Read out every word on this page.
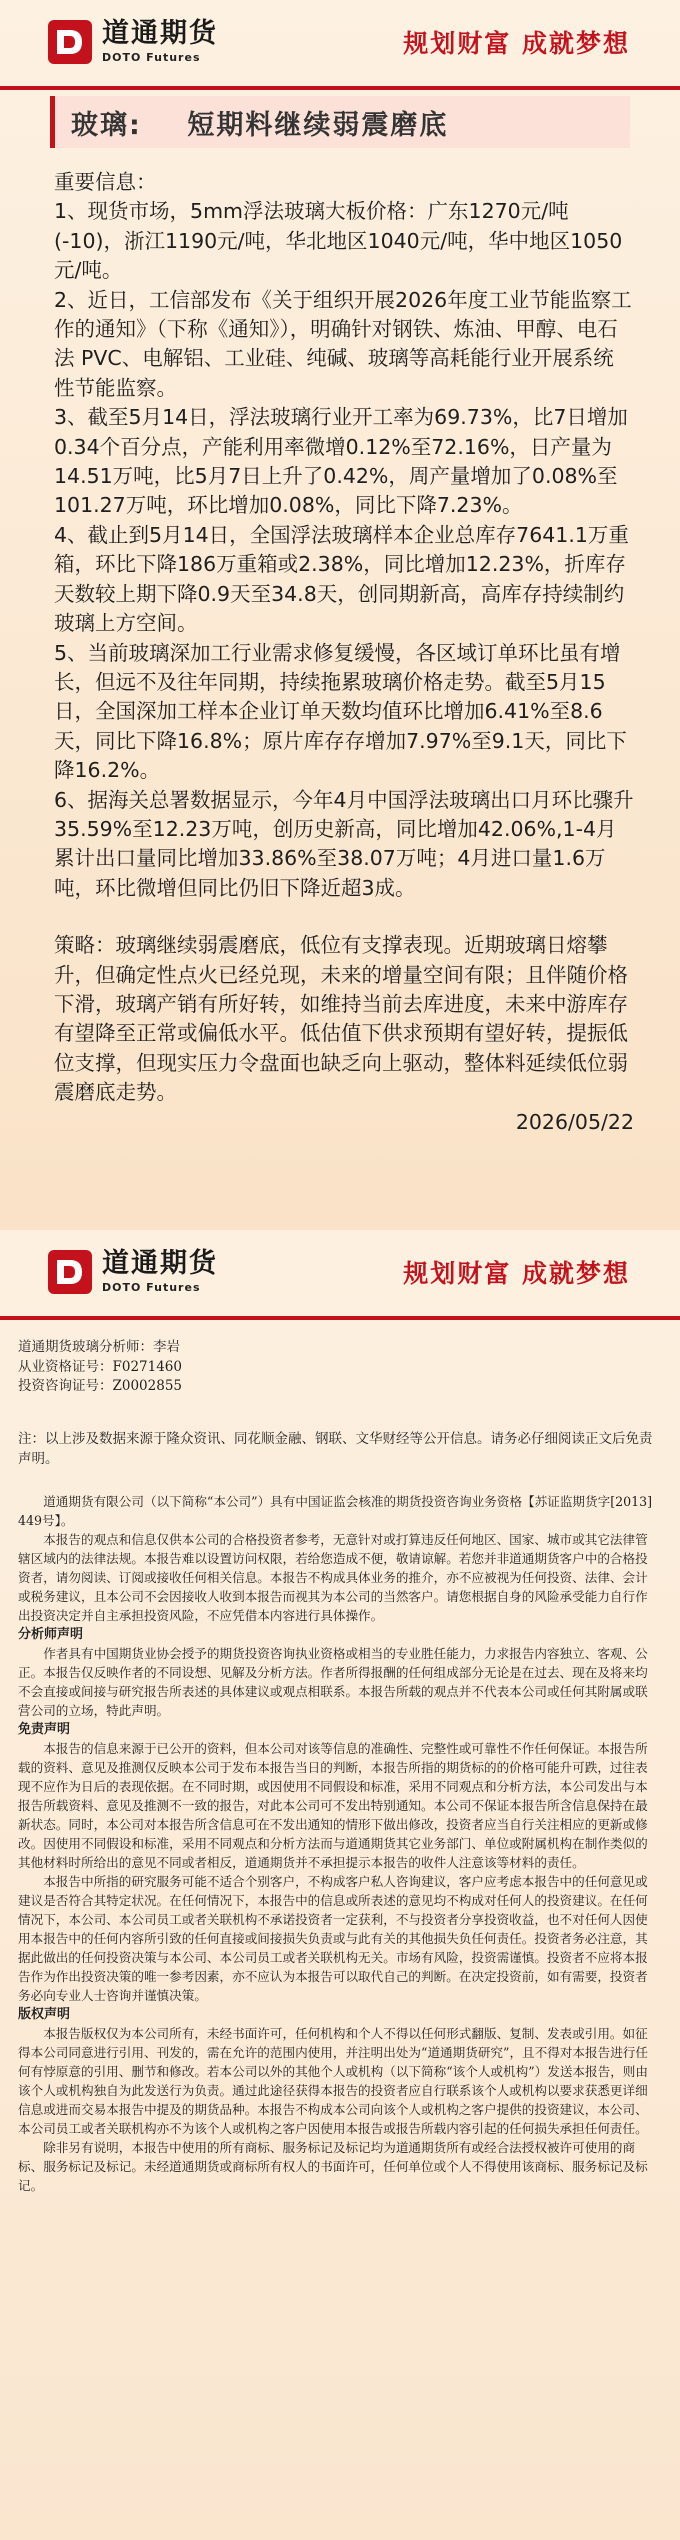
道通期货
DOTO Futures	规划财富 成就梦想
玻璃:    短期料继续弱震磨底

重要信息：

1、现货市场，5mm浮法玻璃大板价格：广东1270元/吨(-10)，浙江1190元/吨，华北地区1040元/吨，华中地区1050元/吨。

2、近日，工信部发布《关于组织开展2026年度工业节能监察工作的通知》（下称《通知》），明确针对钢铁、炼油、甲醇、电石法 PVC、电解铝、工业硅、纯碱、玻璃等高耗能行业开展系统性节能监察。

3、截至5月14日，浮法玻璃行业开工率为69.73%，比7日增加0.34个百分点，产能利用率微增0.12%至72.16%，日产量为14.51万吨，比5月7日上升了0.42%，周产量增加了0.08%至101.27万吨，环比增加0.08%，同比下降7.23%。

4、截止到5月14日，全国浮法玻璃样本企业总库存7641.1万重箱，环比下降186万重箱或2.38%，同比增加12.23%，折库存天数较上期下降0.9天至34.8天，创同期新高，高库存持续制约玻璃上方空间。

5、当前玻璃深加工行业需求修复缓慢，各区域订单环比虽有增长，但远不及往年同期，持续拖累玻璃价格走势。截至5月15日，全国深加工样本企业订单天数均值环比增加6.41%至8.6天，同比下降16.8%；原片库存存增加7.97%至9.1天，同比下降16.2%。

6、据海关总署数据显示，今年4月中国浮法玻璃出口月环比骤升35.59%至12.23万吨，创历史新高，同比增加42.06%,1-4月累计出口量同比增加33.86%至38.07万吨；4月进口量1.6万吨，环比微增但同比仍旧下降近超3成。

策略：玻璃继续弱震磨底，低位有支撑表现。近期玻璃日熔攀升，但确定性点火已经兑现，未来的增量空间有限；且伴随价格下滑，玻璃产销有所好转，如维持当前去库进度，未来中游库存有望降至正常或偏低水平。低估值下供求预期有望好转，提振低位支撑，但现实压力令盘面也缺乏向上驱动，整体料延续低位弱震磨底走势。

2026/05/22

道通期货
DOTO Futures	规划财富 成就梦想
道通期货玻璃分析师：李岩
从业资格证号：F0271460
投资咨询证号：Z0002855
注：以上涉及数据来源于隆众资讯、同花顺金融、钢联、文华财经等公开信息。请务必仔细阅读正文后免责声明。

道通期货有限公司（以下简称“本公司”）具有中国证监会核准的期货投资咨询业务资格【苏证监期货字[2013] 449号】。

本报告的观点和信息仅供本公司的合格投资者参考，无意针对或打算违反任何地区、国家、城市或其它法律管辖区域内的法律法规。本报告难以设置访问权限，若给您造成不便，敬请谅解。若您并非道通期货客户中的合格投资者，请勿阅读、订阅或接收任何相关信息。本报告不构成具体业务的推介，亦不应被视为任何投资、法律、会计或税务建议，且本公司不会因接收人收到本报告而视其为本公司的当然客户。请您根据自身的风险承受能力自行作出投资决定并自主承担投资风险，不应凭借本内容进行具体操作。

分析师声明

作者具有中国期货业协会授予的期货投资咨询执业资格或相当的专业胜任能力，力求报告内容独立、客观、公正。本报告仅反映作者的不同设想、见解及分析方法。作者所得报酬的任何组成部分无论是在过去、现在及将来均不会直接或间接与研究报告所表述的具体建议或观点相联系。本报告所载的观点并不代表本公司或任何其附属或联营公司的立场，特此声明。

免责声明

本报告的信息来源于已公开的资料，但本公司对该等信息的准确性、完整性或可靠性不作任何保证。本报告所载的资料、意见及推测仅反映本公司于发布本报告当日的判断，本报告所指的期货标的的价格可能升可跌，过往表现不应作为日后的表现依据。在不同时期，或因使用不同假设和标准，采用不同观点和分析方法，本公司发出与本报告所载资料、意见及推测不一致的报告，对此本公司可不发出特别通知。本公司不保证本报告所含信息保持在最新状态。同时，本公司对本报告所含信息可在不发出通知的情形下做出修改，投资者应当自行关注相应的更新或修改。因使用不同假设和标准，采用不同观点和分析方法而与道通期货其它业务部门、单位或附属机构在制作类似的其他材料时所给出的意见不同或者相反，道通期货并不承担提示本报告的收件人注意该等材料的责任。

本报告中所指的研究服务可能不适合个别客户，不构成客户私人咨询建议，客户应考虑本报告中的任何意见或建议是否符合其特定状况。在任何情况下，本报告中的信息或所表述的意见均不构成对任何人的投资建议。在任何情况下，本公司、本公司员工或者关联机构不承诺投资者一定获利，不与投资者分享投资收益，也不对任何人因使用本报告中的任何内容所引致的任何直接或间接损失负责或与此有关的其他损失负任何责任。投资者务必注意，其据此做出的任何投资决策与本公司、本公司员工或者关联机构无关。市场有风险，投资需谨慎。投资者不应将本报告作为作出投资决策的唯一参考因素，亦不应认为本报告可以取代自己的判断。在决定投资前，如有需要，投资者务必向专业人士咨询并谨慎决策。

版权声明

本报告版权仅为本公司所有，未经书面许可，任何机构和个人不得以任何形式翻版、复制、发表或引用。如征得本公司同意进行引用、刊发的，需在允许的范围内使用，并注明出处为“道通期货研究”，且不得对本报告进行任何有悖原意的引用、删节和修改。若本公司以外的其他个人或机构（以下简称“该个人或机构”）发送本报告，则由该个人或机构独自为此发送行为负责。通过此途径获得本报告的投资者应自行联系该个人或机构以要求获悉更详细信息或进而交易本报告中提及的期货品种。本报告不构成本公司向该个人或机构之客户提供的投资建议，本公司、本公司员工或者关联机构亦不为该个人或机构之客户因使用本报告或报告所载内容引起的任何损失承担任何责任。

除非另有说明，本报告中使用的所有商标、服务标记及标记均为道通期货所有或经合法授权被许可使用的商标、服务标记及标记。未经道通期货或商标所有权人的书面许可，任何单位或个人不得使用该商标、服务标记及标记。
